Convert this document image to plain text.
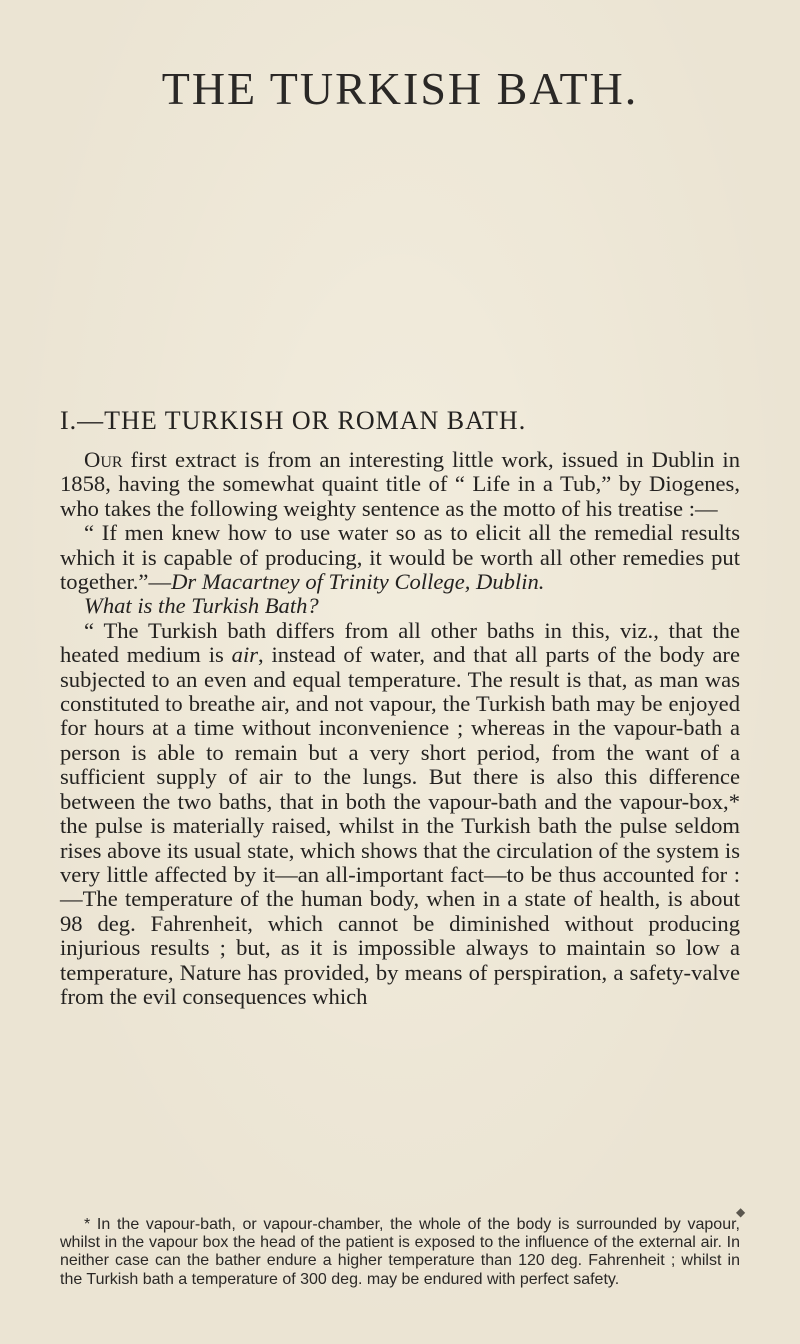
THE TURKISH BATH.
I.—THE TURKISH OR ROMAN BATH.

Our first extract is from an interesting little work, issued in Dublin in 1858, having the somewhat quaint title of “ Life in a Tub,” by Diogenes, who takes the following weighty sentence as the motto of his treatise :—

“ If men knew how to use water so as to elicit all the remedial results which it is capable of producing, it would be worth all other remedies put together.”—Dr Macartney of Trinity College, Dublin.

What is the Turkish Bath?

“ The Turkish bath differs from all other baths in this, viz., that the heated medium is air, instead of water, and that all parts of the body are subjected to an even and equal temperature. The result is that, as man was constituted to breathe air, and not vapour, the Turkish bath may be enjoyed for hours at a time without inconvenience ; whereas in the vapour-bath a person is able to remain but a very short period, from the want of a sufficient supply of air to the lungs. But there is also this difference between the two baths, that in both the vapour-bath and the vapour-box,* the pulse is materially raised, whilst in the Turkish bath the pulse seldom rises above its usual state, which shows that the circulation of the system is very little affected by it—an all-important fact—to be thus accounted for :—The temperature of the human body, when in a state of health, is about 98 deg. Fahrenheit, which cannot be diminished without producing injurious results ; but, as it is impossible always to maintain so low a temperature, Nature has provided, by means of perspiration, a safety-valve from the evil consequences which

◆

* In the vapour-bath, or vapour-chamber, the whole of the body is surrounded by vapour, whilst in the vapour box the head of the patient is exposed to the influence of the external air. In neither case can the bather endure a higher temperature than 120 deg. Fahrenheit ; whilst in the Turkish bath a temperature of 300 deg. may be endured with perfect safety.
